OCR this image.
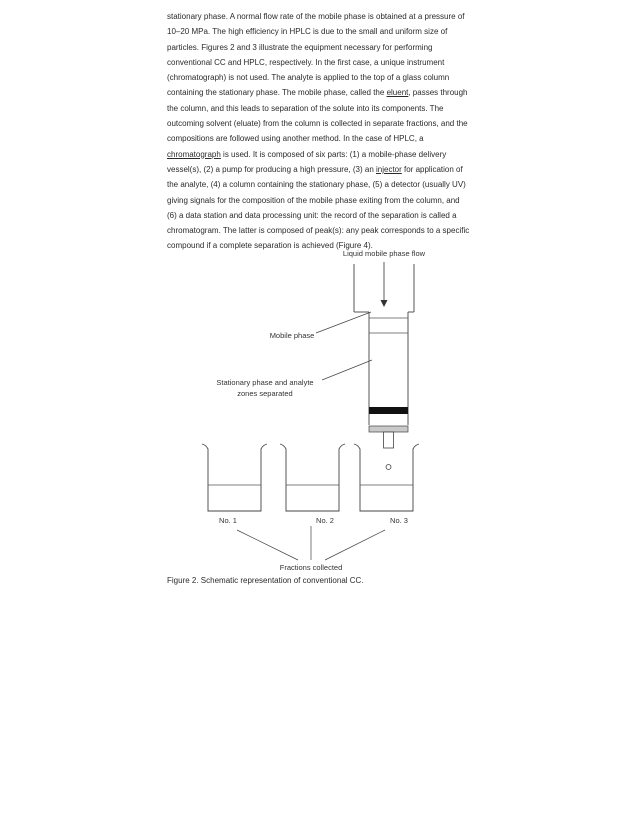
stationary phase. A normal flow rate of the mobile phase is obtained at a pressure of
10–20 MPa. The high efficiency in HPLC is due to the small and uniform size of
particles. Figures 2 and 3 illustrate the equipment necessary for performing
conventional CC and HPLC, respectively. In the first case, a unique instrument
(chromatograph) is not used. The analyte is applied to the top of a glass column
containing the stationary phase. The mobile phase, called the eluent, passes through
the column, and this leads to separation of the solute into its components. The
outcoming solvent (eluate) from the column is collected in separate fractions, and the
compositions are followed using another method. In the case of HPLC, a
chromatograph is used. It is composed of six parts: (1) a mobile-phase delivery
vessel(s), (2) a pump for producing a high pressure, (3) an injector for application of
the analyte, (4) a column containing the stationary phase, (5) a detector (usually UV)
giving signals for the composition of the mobile phase exiting from the column, and
(6) a data station and data processing unit: the record of the separation is called a
chromatogram. The latter is composed of peak(s): any peak corresponds to a specific
compound if a complete separation is achieved (Figure 4).
Liquid mobile phase flow
Mobile phase
Stationary phase and analyte
zones separated
No. 1	No. 2	No. 3
Fractions collected
Figure 2. Schematic representation of conventional CC.
